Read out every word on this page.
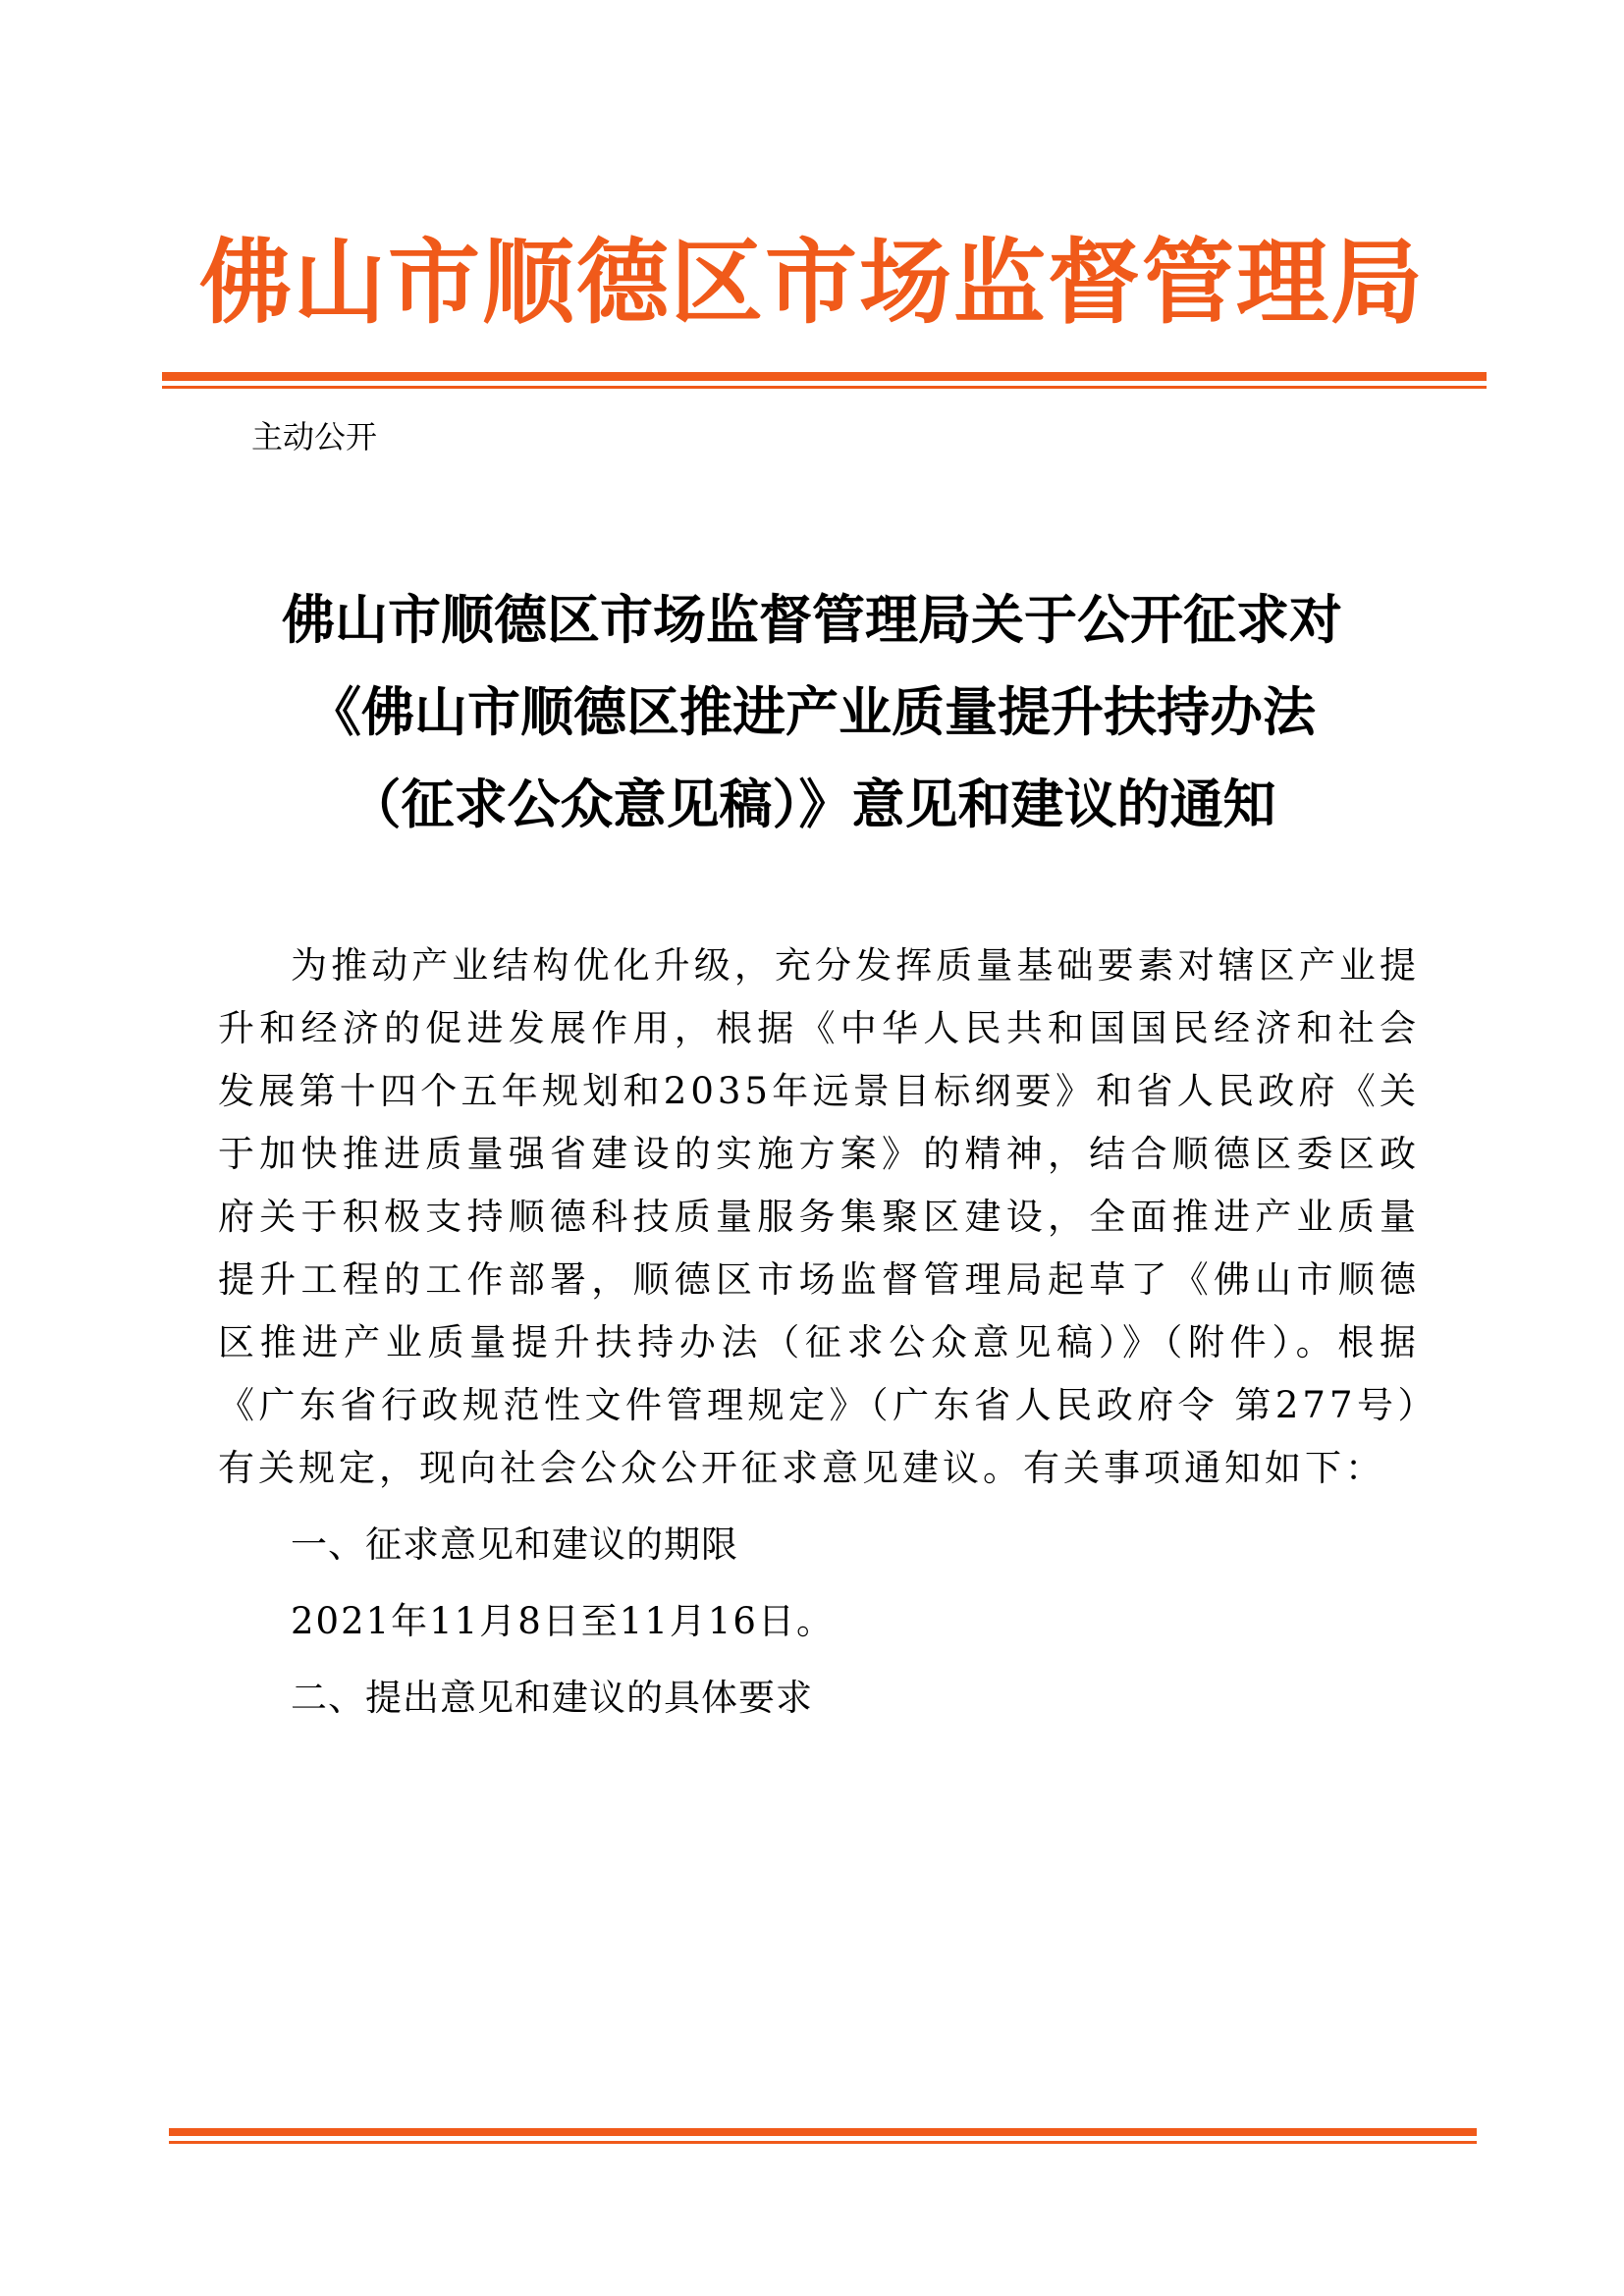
佛山市顺德区市场监督管理局
主动公开
佛山市顺德区市场监督管理局关于公开征求对
《佛山市顺德区推进产业质量提升扶持办法
（征求公众意见稿）》意见和建议的通知

为推动产业结构优化升级，充分发挥质量基础要素对辖区产业提升和经济的促进发展作用，根据《中华人民共和国国民经济和社会发展第十四个五年规划和2035年远景目标纲要》和省人民政府《关于加快推进质量强省建设的实施方案》的精神，结合顺德区委区政府关于积极支持顺德科技质量服务集聚区建设，全面推进产业质量提升工程的工作部署，顺德区市场监督管理局起草了《佛山市顺德区推进产业质量提升扶持办法（征求公众意见稿）》（附件）。根据《广东省行政规范性文件管理规定》（广东省人民政府令 第277号）有关规定，现向社会公众公开征求意见建议。有关事项通知如下：

一、征求意见和建议的期限

2021年11月8日至11月16日。

二、提出意见和建议的具体要求
